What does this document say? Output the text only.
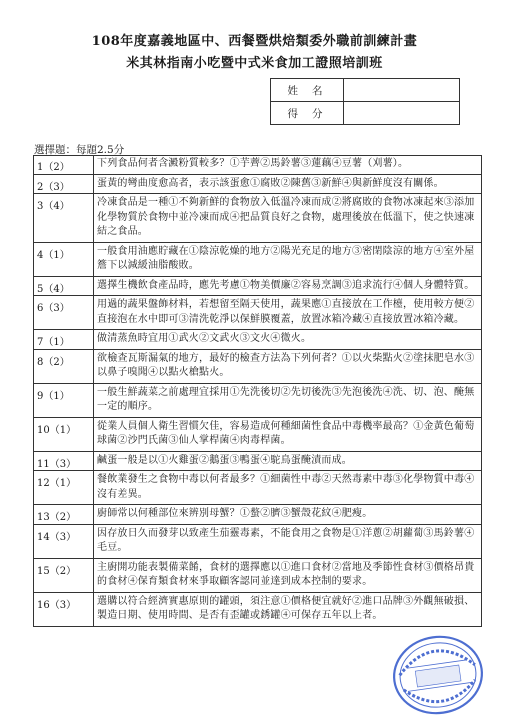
108年度嘉義地區中、西餐暨烘焙類委外職前訓練計畫
米其林指南小吃暨中式米食加工證照培訓班
姓名	
得分	
選擇題：每題2.5分
1（2）	下列食品何者含澱粉質較多？①芋薺②馬鈴薯③蓮藕④豆薯（刈薯）。
2（3）	蛋黃的彎曲度愈高者，表示該蛋愈①腐敗②陳舊③新鮮④與新鮮度沒有關係。
3（4）	冷凍食品是一種①不夠新鮮的食物放入低溫冷凍而成②將腐敗的食物冰凍起來③添加化學物質於食物中並冷凍而成④把品質良好之食物，處理後放在低溫下，使之快速凍結之食品。
4（1）	一般食用油應貯藏在①陰涼乾燥的地方②陽光充足的地方③密閉陰涼的地方④室外屋簷下以減緩油脂酸敗。
5（4）	選擇生機飲食產品時，應先考慮①物美價廉②容易烹調③追求流行④個人身體特質。
6（3）	用過的蔬果盤飾材料，若想留至隔天使用，蔬果應①直接放在工作檯，使用較方便②直接泡在水中即可③清洗乾淨以保鮮膜覆蓋，放置冰箱冷藏④直接放置冰箱冷藏。
7（1）	做清蒸魚時宜用①武火②文武火③文火④微火。
8（2）	欲檢查瓦斯漏氣的地方，最好的檢查方法為下列何者？①以火柴點火②塗抹肥皂水③以鼻子嗅聞④以點火槍點火。
9（1）	一般生鮮蔬菜之前處理宜採用①先洗後切②先切後洗③先泡後洗④洗、切、泡、醃無一定的順序。
10（1）	從業人員個人衛生習慣欠佳，容易造成何種細菌性食品中毒機率最高？①金黃色葡萄球菌②沙門氏菌③仙人掌桿菌④肉毒桿菌。
11（3）	鹹蛋一般是以①火雞蛋②鵝蛋③鴨蛋④駝鳥蛋醃漬而成。
12（1）	餐飲業發生之食物中毒以何者最多？①細菌性中毒②天然毒素中毒③化學物質中毒④沒有差異。
13（2）	廚師常以何種部位來辨別母蟹？①螯②臍③蟹殼花紋④肥瘦。
14（3）	因存放日久而發芽以致產生茄靈毒素，不能食用之食物是①洋蔥②胡蘿蔔③馬鈴薯④毛豆。
15（2）	主廚開功能表製備菜餚，食材的選擇應以①進口食材②當地及季節性食材③價格昂貴的食材④保育類食材來爭取顧客認同並達到成本控制的要求。
16（3）	選購以符合經濟實惠原則的罐頭，須注意①價格便宜就好②進口品牌③外觀無破損、製造日期、使用時間、是否有歪罐或銹罐④可保存五年以上者。
